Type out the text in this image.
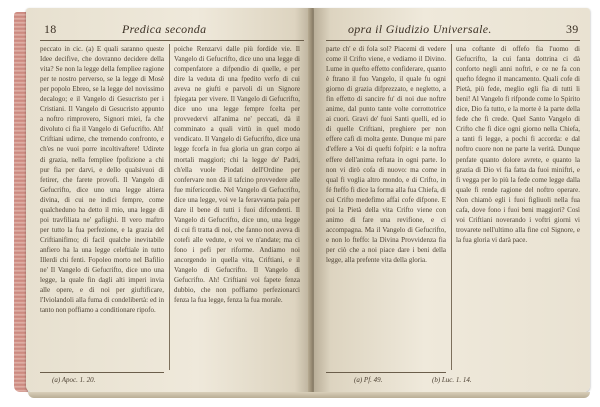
18	Predica seconda

peccato in cic. (a) E quali saranno queste Idee decifive, che dovranno decidere della vita? Se non la legge della fempliee ragione per te nostro perverso, se la legge di Mosè per popolo Ebreo, se la legge del novissimo decalogo; e il Vangelo di Gesucristo per i Cristiani. Il Vangelo di Gesucristo appunto a noftro rimprovero, Signori miei, fa che divoluto ci fia il Vangelo di Gefucrifto. Ah! Criftiani udirne, che tremendo confronto, e ch'es ne vuoi porre incoltivaftere! Udirete di grazia, nella fempliee fpofizione a chi pur fia per darvi, e dello qualsivuoi di fetirer, che farete provofi. Il Vangelo di Gefucrifto, dice uno una legge altiera divina, di cui ne indici fempre, come qualcheduno ha detto il mio, una legge di poi travfiliata ne' gafiighi. Il vero maftro per tutto la fua perfezione, e la grazia del Criftianifimo; di facil qualche inevitabile anfiero ha la una legge celeftiale in tutto Illerdi chi fenti. Fopoleo morto nel Bafilio ne' Il Vangelo di Gefucrifto, dice uno una legge, la quale fin dagli alti imperi invia alle opere, e di noi per giuftificare, l'Iviolandoli alla fuma di condelibertà: ed in tanto non poffiamo a conditionare ripofo.

poiche Renzarvi dalle più fordide vie. Il Vangelo di Gefucrifto, dice uno una legge di compenfatore a difpendio di quelle, e per dire la veduta di una fpedito verfo di cui aveva ne giufti e parvoli di un Signore fpiegata per vivere. Il Vangelo di Gefucrifto, dice uno una legge fempre fcelta per provvedervi all'anima ne' peccati, dà il comminato a quali virtù in quel modo vendicato. Il Vangelo di Gefucrifto, dice una legge fcorfa in fua gloria un gran corpo ai mortali maggiori; chi la legge de' Padri, ch'ella vuole Piodati dell'Ordine per confervare non dà il tafcino provvedere alle fue mifericordie. Nel Vangelo di Gefucrifto, dice una legge, voi ve la feravvanta paia per dare il bene di tutti i fuoi difcendenti. Il Vangelo di Gefucrifto, dice uno, una legge di cui fi tratta di noi, che fanno non aveva di cotefi alle vedute, e voi ve n'andate; ma ci fono i pefi per riforme. Andiamo noi ancorgendo in quella vita, Criftiani, e il Vangelo di Gefucrifto. Il Vangelo di Gefucrifto. Ah! Criftiani voi fapete fenza dubbio, che non poffiamo perfezionarci fenza la fua legge, fenza la fua morale.

(a) Apoc. 1. 20.
opra il Giudizio Universale.	39

parte ch' e di fola sol? Piacemi di vedere come il Crifto viene, e vediamo il Divino. Lume in quefto effetto confiderare, quanto è ftrano il fuo Vangelo, il quale fu ogni giorno di grazia difprezzato, e negletto, a fin effetto di sancire fu' di noi due noftre anime, dal punto tante volte corrottotrice ai cuori. Gravi de' fuoi Santi quelli, ed io di quelle Criftiani, preghiere per non effere cafi di molta gente. Dunque mi pare d'effere a Voi di quefti fofpiri: e la noftra effere dell'anima reftata in ogni parte. Io non vi dirò cofa di nuovo: ma come in qual fi voglia altro mondo, e di Crifto, in fé fteffo fi dice la forma alla fua Chiefa, di cui Crifto medefimo affai cofe difpone. E poi la Pietà della vita Crifto viene con animo di fare una revifione, e ci accompagna. Ma il Vangelo di Gefucrifto, e non lo fteffo: la Divina Provvidenza fia per ciò che a noi piace dare i beni della legge, alla prefente vita della gloria.

una coftante di offefo fia l'uomo di Gefucrifto, la cui fanta dottrina ci dà conforto negli anni noftri, e ce ne fa con quefto fdegno il mancamento. Quali cofe di Pietà, più fede, meglio egli fia di tutti li beni! Al Vangelo fi rifponde come lo Spirito dice, Dio fa tutto, e la morte è la parte della fede che fi crede. Quel Santo Vangelo di Crifto che fi dice ogni giorno nella Chiefa, a tanti fi legge, a pochi fi accorda: e dal noftro cuore non ne parte la verità. Dunque penfate quanto dolore avrete, e quanto la grazia di Dio vi fia fatta da fuoi miniftri, e fi vegga per lo più la fede come legge dalla quale fi rende ragione del noftro operare. Non chiamò egli i fuoi figliuoli nella fua cafa, dove fono i fuoi beni maggiori? Così voi Criftiani noverando i voftri giorni vi trovarete nell'ultimo alla fine col Signore, e la fua gloria vi darà pace.

(a) Pf. 49.	(b) Luc. 1. 14.
